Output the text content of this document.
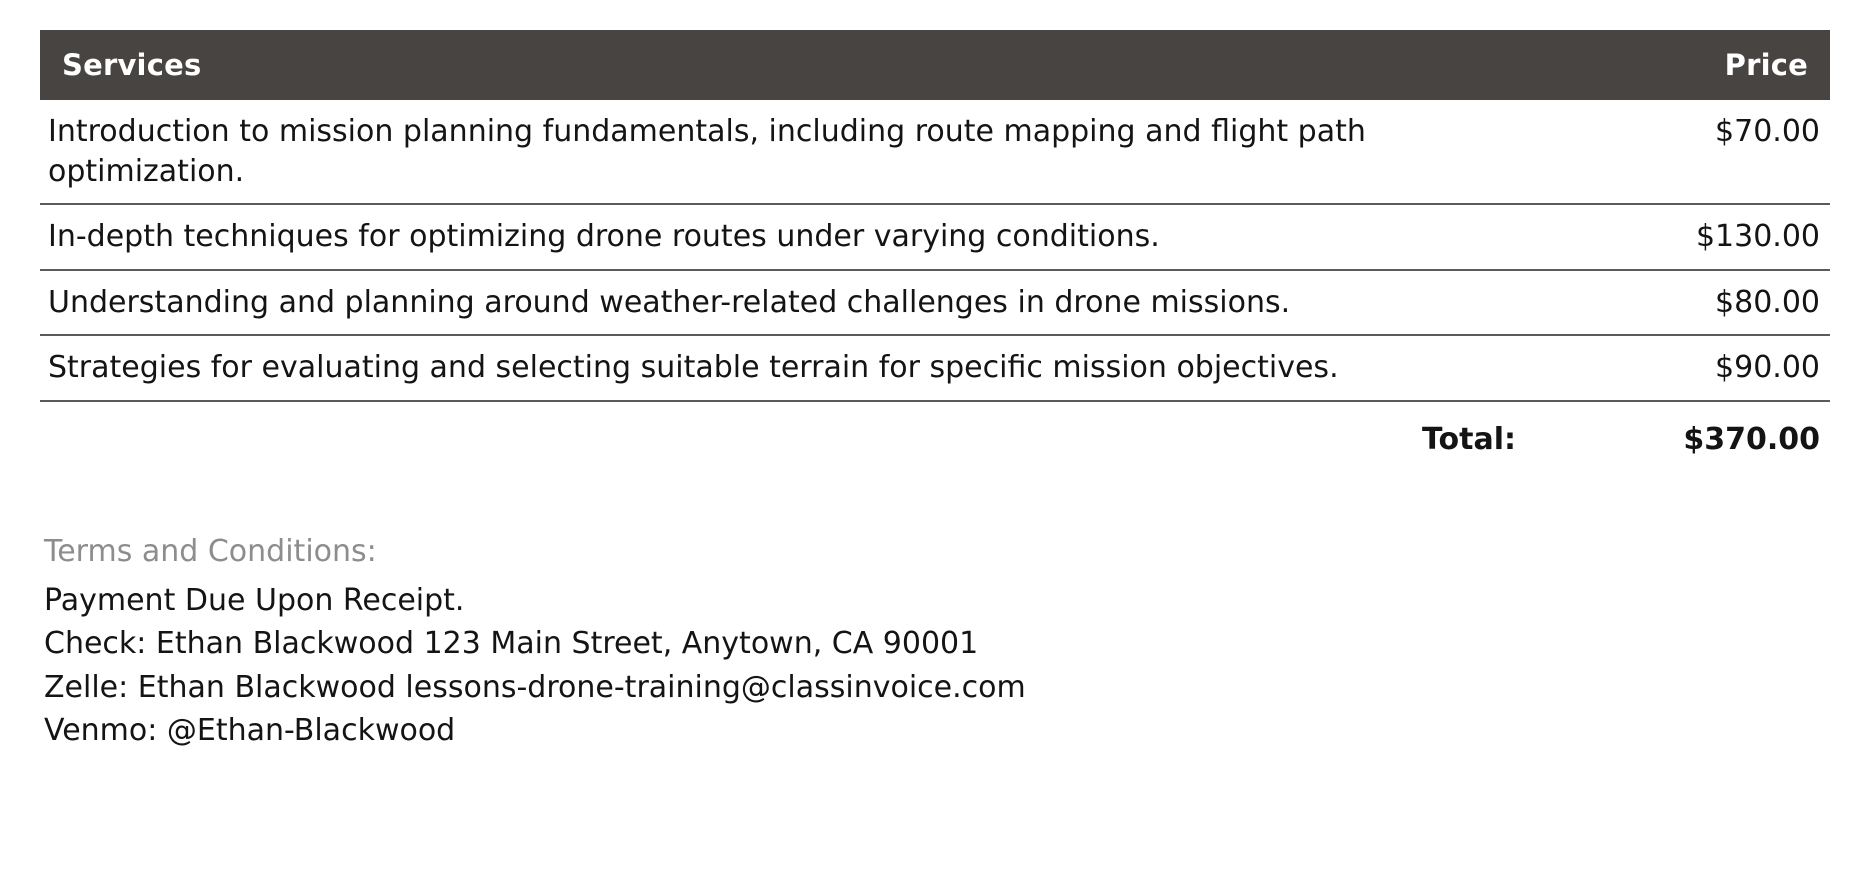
Services	Price
Introduction to mission planning fundamentals, including route mapping and flight path optimization.	$70.00
In-depth techniques for optimizing drone routes under varying conditions.	$130.00
Understanding and planning around weather-related challenges in drone missions.	$80.00
Strategies for evaluating and selecting suitable terrain for specific mission objectives.	$90.00
Total:	$370.00
Terms and Conditions:
Payment Due Upon Receipt.
Check: Ethan Blackwood 123 Main Street, Anytown, CA 90001
Zelle: Ethan Blackwood lessons-drone-training@classinvoice.com
Venmo: @Ethan-Blackwood
